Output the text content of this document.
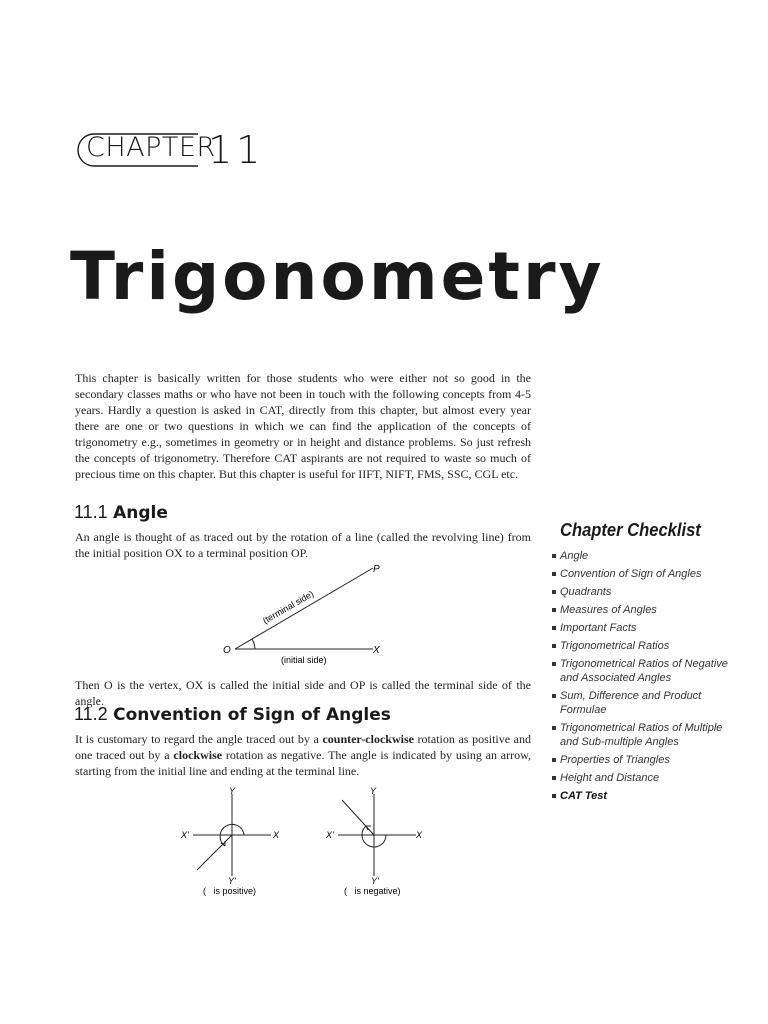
CHAPTER
11
Trigonometry

This chapter is basically written for those students who were either not so good in the secondary classes maths or who have not been in touch with the following concepts from 4-5 years. Hardly a question is asked in CAT, directly from this chapter, but almost every year there are one or two questions in which we can find the application of the concepts of trigonometry e.g., sometimes in geometry or in height and distance problems. So just refresh the concepts of trigonometry. Therefore CAT aspirants are not required to waste so much of precious time on this chapter. But this chapter is useful for IIFT, NIFT, FMS, SSC, CGL etc.

11.1 Angle

An angle is thought of as traced out by the rotation of a line (called the revolving line) from the initial position OX to a terminal position OP.

O	X
P
(terminal side)
(initial side)

Then O is the vertex, OX is called the initial side and OP is called the terminal side of the angle.

11.2 Convention of Sign of Angles

It is customary to regard the angle traced out by a counter-clockwise rotation as positive and one traced out by a clockwise rotation as negative. The angle is indicated by using an arrow, starting from the initial line and ending at the terminal line.

Y
X'	X
Y'
(   is positive)
Y
X'	X
Y'
(   is negative)
Chapter Checklist
Angle
Convention of Sign of Angles
Quadrants
Measures of Angles
Important Facts
Trigonometrical Ratios
Trigonometrical Ratios of Negative and Associated Angles
Sum, Difference and Product Formulae
Trigonometrical Ratios of Multiple and Sub-multiple Angles
Properties of Triangles
Height and Distance
CAT Test
